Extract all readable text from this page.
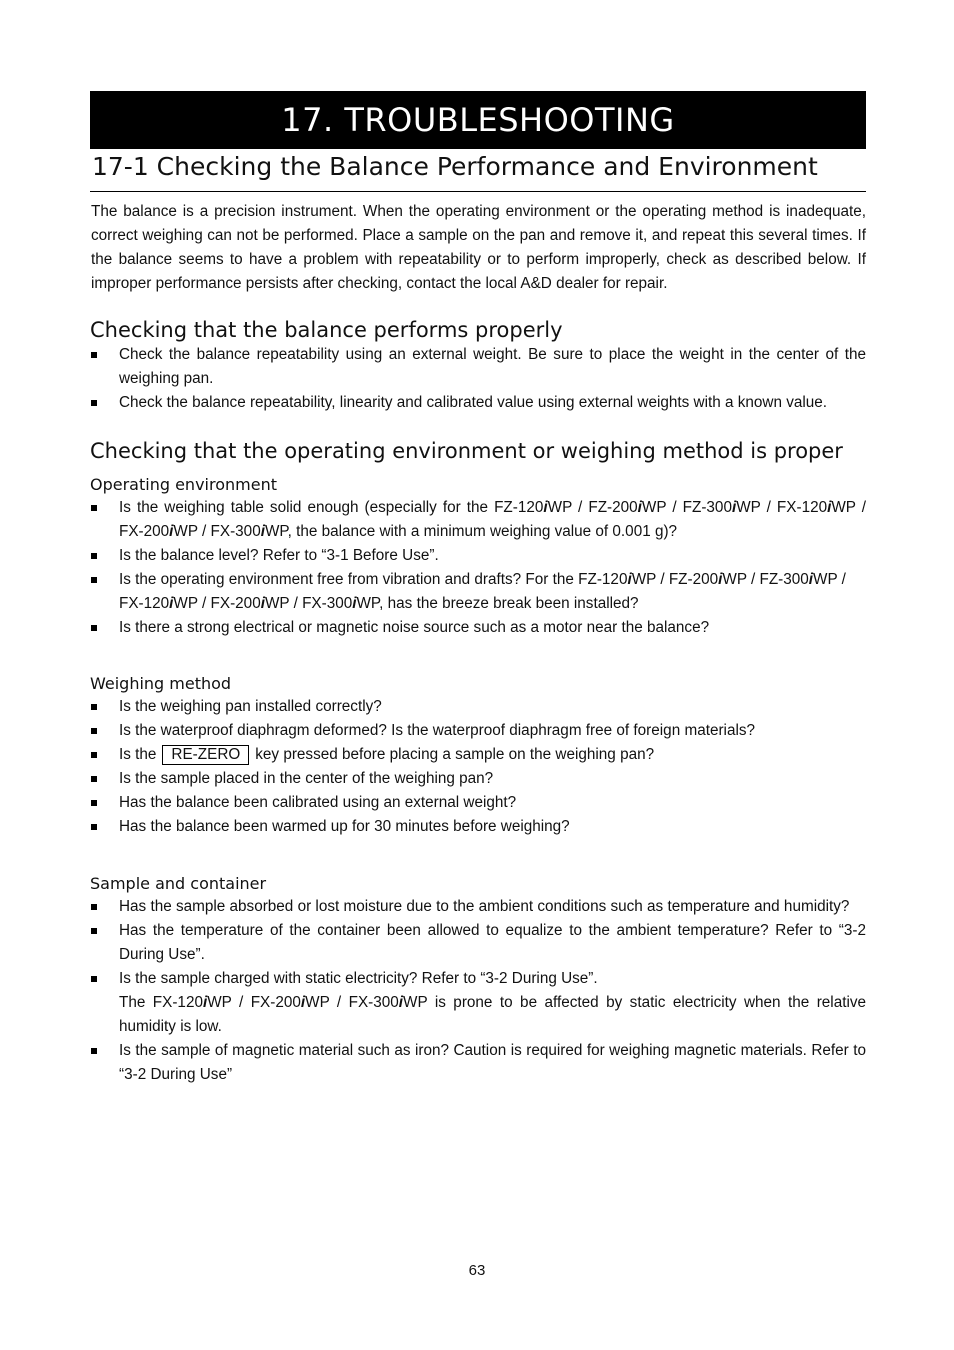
17. TROUBLESHOOTING
17-1 Checking the Balance Performance and Environment

The balance is a precision instrument. When the operating environment or the operating method is inadequate, correct weighing can not be performed. Place a sample on the pan and remove it, and repeat this several times. If the balance seems to have a problem with repeatability or to perform improperly, check as described below. If improper performance persists after checking, contact the local A&D dealer for repair.

Checking that the balance performs properly
Check the balance repeatability using an external weight. Be sure to place the weight in the center of the weighing pan.
Check the balance repeatability, linearity and calibrated value using external weights with a known value.
Checking that the operating environment or weighing method is proper
Operating environment
Is the weighing table solid enough (especially for the FZ-120iWP / FZ-200iWP / FZ-300iWP / FX-120iWP / FX-200iWP / FX-300iWP, the balance with a minimum weighing value of 0.001 g)?
Is the balance level? Refer to “3-1 Before Use”.
Is the operating environment free from vibration and drafts? For the FZ-120iWP / FZ-200iWP / FZ-300iWP / FX-120iWP / FX-200iWP / FX-300iWP, has the breeze break been installed?
Is there a strong electrical or magnetic noise source such as a motor near the balance?
Weighing method
Is the weighing pan installed correctly?
Is the waterproof diaphragm deformed? Is the waterproof diaphragm free of foreign materials?
Is the RE-ZERO key pressed before placing a sample on the weighing pan?
Is the sample placed in the center of the weighing pan?
Has the balance been calibrated using an external weight?
Has the balance been warmed up for 30 minutes before weighing?
Sample and container
Has the sample absorbed or lost moisture due to the ambient conditions such as temperature and humidity?
Has the temperature of the container been allowed to equalize to the ambient temperature? Refer to “3-2 During Use”.
Is the sample charged with static electricity? Refer to “3-2 During Use”.
The FX-120iWP / FX-200iWP / FX-300iWP is prone to be affected by static electricity when the relative humidity is low.
Is the sample of magnetic material such as iron? Caution is required for weighing magnetic materials. Refer to “3-2 During Use”
63
